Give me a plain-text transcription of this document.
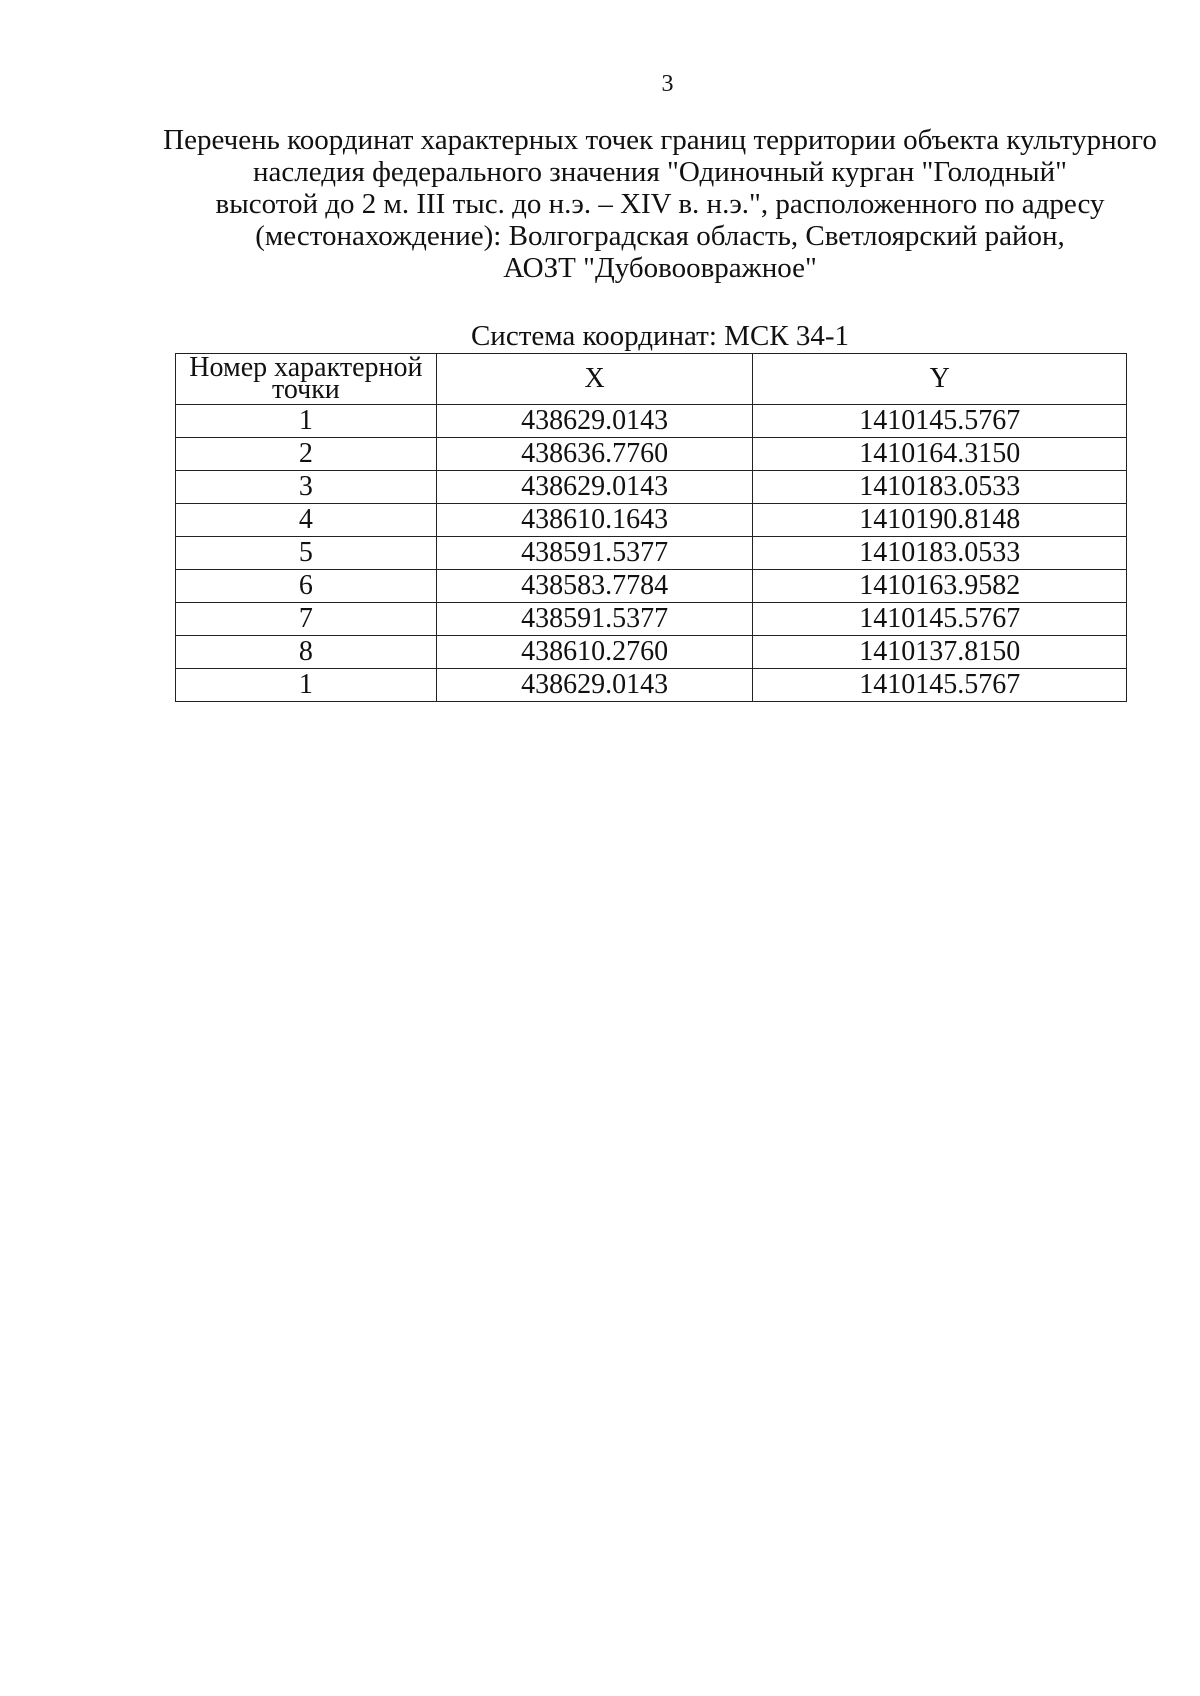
3
Перечень координат характерных точек границ территории объекта культурного
наследия федерального значения "Одиночный курган "Голодный"
высотой до 2 м. III тыс. до н.э. – XIV в. н.э.", расположенного по адресу
(местонахождение): Волгоградская область, Светлоярский район,
АОЗТ "Дубовоовражное"
Система координат: МСК 34-1
Номер характерной точки	X	Y
1	438629.0143	1410145.5767
2	438636.7760	1410164.3150
3	438629.0143	1410183.0533
4	438610.1643	1410190.8148
5	438591.5377	1410183.0533
6	438583.7784	1410163.9582
7	438591.5377	1410145.5767
8	438610.2760	1410137.8150
1	438629.0143	1410145.5767
